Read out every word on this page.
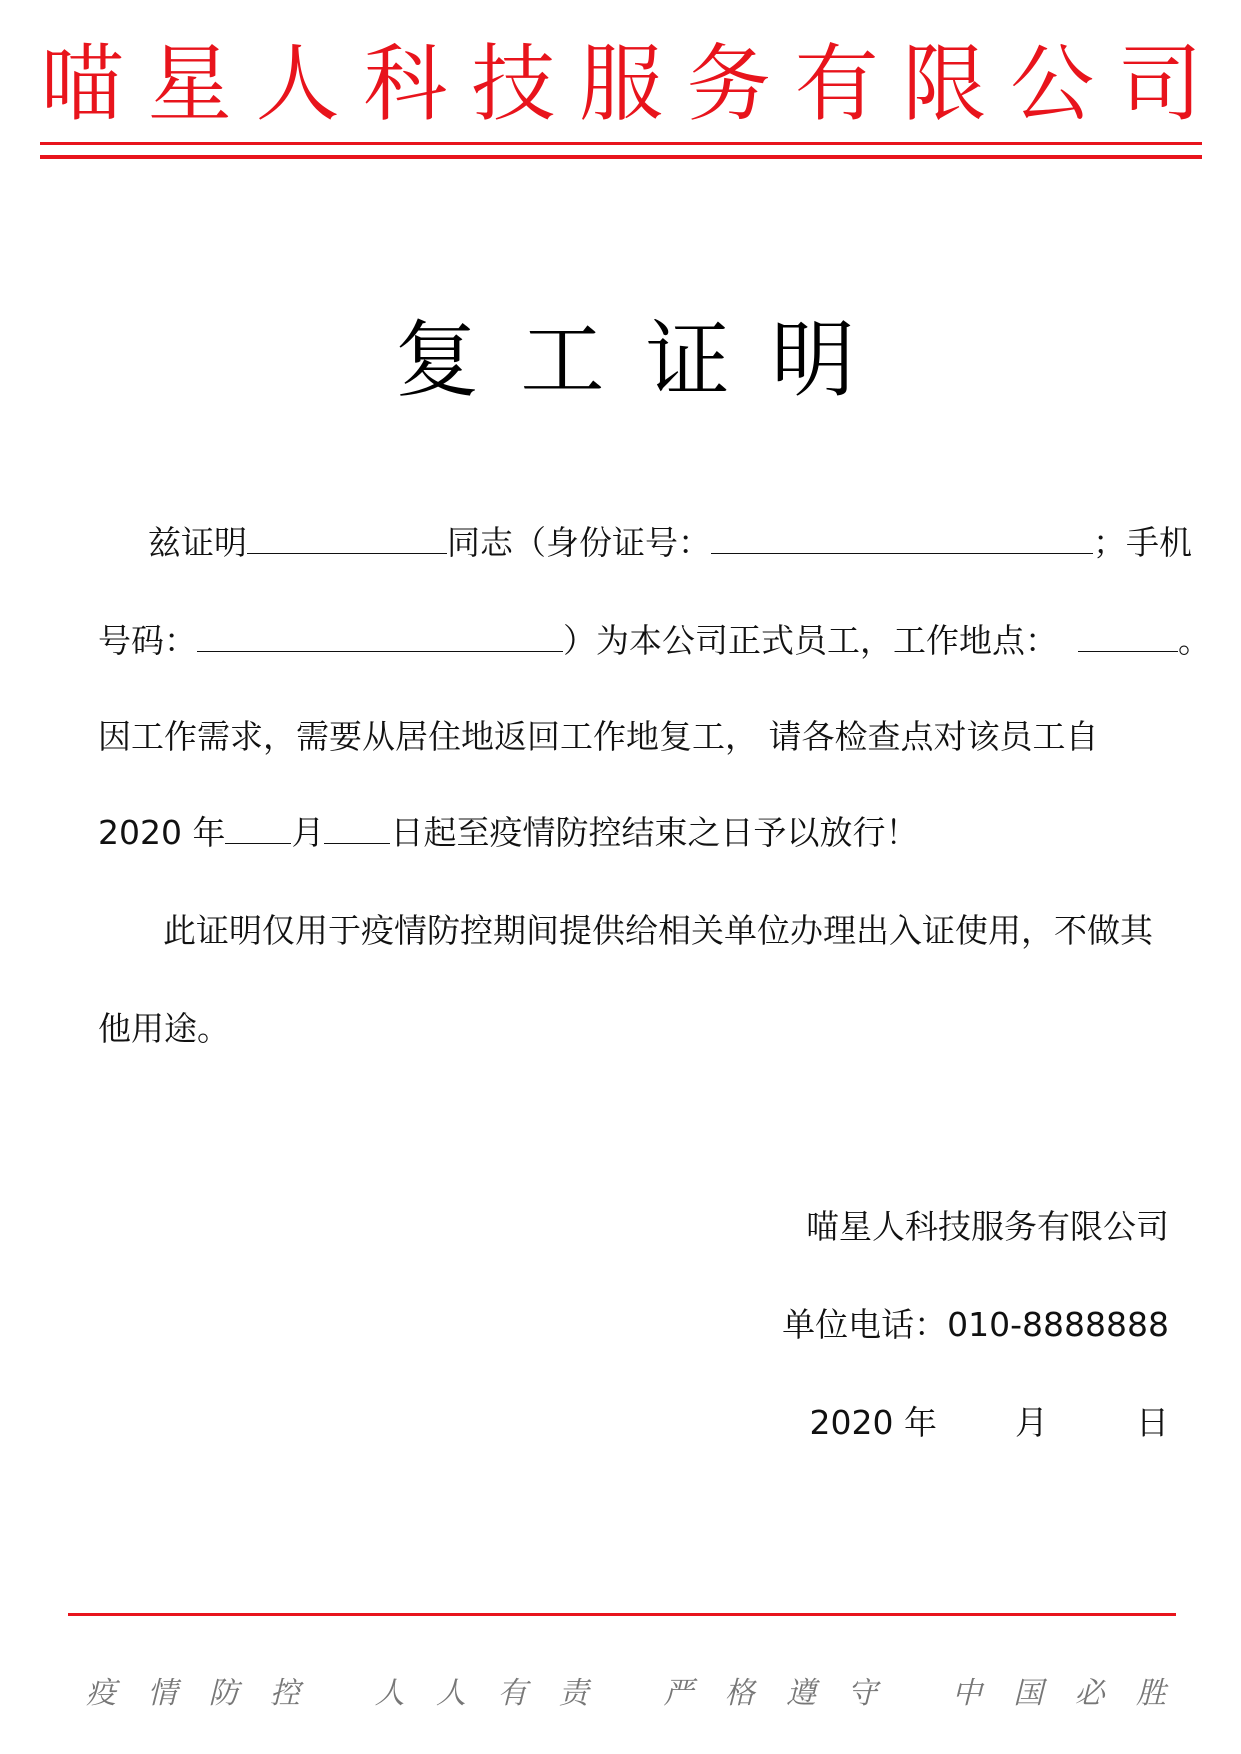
喵 星 人 科 技 服 务 有 限 公 司
复 工 证 明
兹证明	同志（身份证号：	；手机
号码：	）为本公司正式员工，工作地点：	。
因工作需求，需要从居住地返回工作地复工， 请各检查点对该员工自
2020 年 月 日起至疫情防控结束之日予以放行！
此证明仅用于疫情防控期间提供给相关单位办理出入证使用，不做其
他用途。
喵星人科技服务有限公司
单位电话：010-8888888
2020 年 月	日
疫 情 防 控 人 人 有 责 严 格 遵 守 中 国 必 胜
